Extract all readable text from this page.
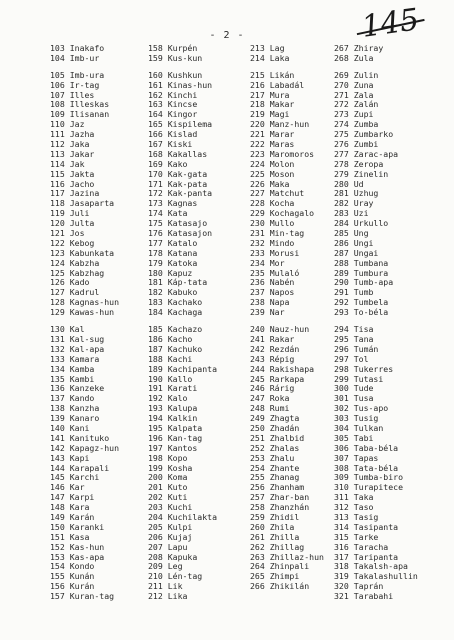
- 2 -	145
103 Inakafo
104 Imb-ur
105 Imb-ura
106 Ir-tag
107 Illes
108 Illeskas
109 Ilisanan
110 Jaz
111 Jazha
112 Jaka
113 Jakar
114 Jak
115 Jakta
116 Jacho
117 Jazina
118 Jasaparta
119 Juli
120 Julta
121 Jos
122 Kebog
123 Kabunkata
124 Kabzha
125 Kabzhag
126 Kado
127 Kadrul
128 Kagnas-hun
129 Kawas-hun
130 Kal
131 Kal-sug
132 Kal-apa
133 Kamara
134 Kamba
135 Kambi
136 Kanzeke
137 Kando
138 Kanzha
139 Kanaro
140 Kani
141 Kanituko
142 Kapagz-hun
143 Kapi
144 Karapali
145 Karchi
146 Kar
147 Karpi
148 Kara
149 Karán
150 Karanki
151 Kasa
152 Kas-hun
153 Kas-apa
154 Kondo
155 Kunán
156 Kurán
157 Kuran-tag
158 Kurpén
159 Kus-kun
160 Kushkun
161 Kinas-hun
162 Kinchi
163 Kincse
164 Kingor
165 Kispilema
166 Kislad
167 Kiski
168 Kakallas
169 Kako
170 Kak-gata
171 Kak-pata
172 Kak-panta
173 Kagnas
174 Kata
175 Katasajo
176 Katasajon
177 Katalo
178 Katana
179 Katoka
180 Kapuz
181 Káp-tata
182 Kabuko
183 Kachako
184 Kachaga
185 Kachazo
186 Kacho
187 Kachuko
188 Kachi
189 Kachipanta
190 Kallo
191 Karati
192 Kalo
193 Kalupa
194 Kalkin
195 Kalpata
196 Kan-tag
197 Kantos
198 Kopo
199 Kosha
200 Koma
201 Kuto
202 Kuti
203 Kuchi
204 Kuchilakta
205 Kulpi
206 Kujaj
207 Lapu
208 Kapuka
209 Leg
210 Lén-tag
211 Lik
212 Lika
213 Lag
214 Laka
215 Likán
216 Labadál
217 Mura
218 Makar
219 Magi
220 Manz-hun
221 Marar
222 Maras
223 Maromoros
224 Molon
225 Moson
226 Maka
227 Matchut
228 Kocha
229 Kochagalo
230 Mullo
231 Min-tag
232 Mindo
233 Morusi
234 Mor
235 Mulaló
236 Nabén
237 Napos
238 Napa
239 Nar
240 Nauz-hun
241 Rakar
242 Rezdán
243 Répig
244 Rakishapa
245 Rarkapa
246 Rárig
247 Roka
248 Rumi
249 Zhagta
250 Zhadán
251 Zhalbid
252 Zhalas
253 Zhalu
254 Zhante
255 Zhanag
256 Zhanham
257 Zhar-ban
258 Zhanzhán
259 Zhidil
260 Zhila
261 Zhilla
262 Zhillag
263 Zhillaz-hun
264 Zhinpali
265 Zhimpi
266 Zhikilán
267 Zhiray
268 Zula
269 Zulin
270 Zuna
271 Zala
272 Zalán
273 Zupi
274 Zumba
275 Zumbarko
276 Zumbi
277 Zarac-apa
278 Zeropa
279 Zinelin
280 Ud
281 Uzhug
282 Uray
283 Uzi
284 Urkullo
285 Ung
286 Ungi
287 Ungai
288 Tumbana
289 Tumbura
290 Tumb-apa
291 Tumb
292 Tumbela
293 To-béla
294 Tisa
295 Tana
296 Tumán
297 Tol
298 Tukerres
299 Tutasi
300 Tude
301 Tusa
302 Tus-apo
303 Tusig
304 Tulkan
305 Tabi
306 Taba-béla
307 Tapas
308 Tata-béla
309 Tumba-biro
310 Turapitece
311 Taka
312 Taso
313 Tasig
314 Tasipanta
315 Tarke
316 Taracha
317 Taripanta
318 Takalsh-apa
319 Takalashullin
320 Taprán
321 Tarabahi
